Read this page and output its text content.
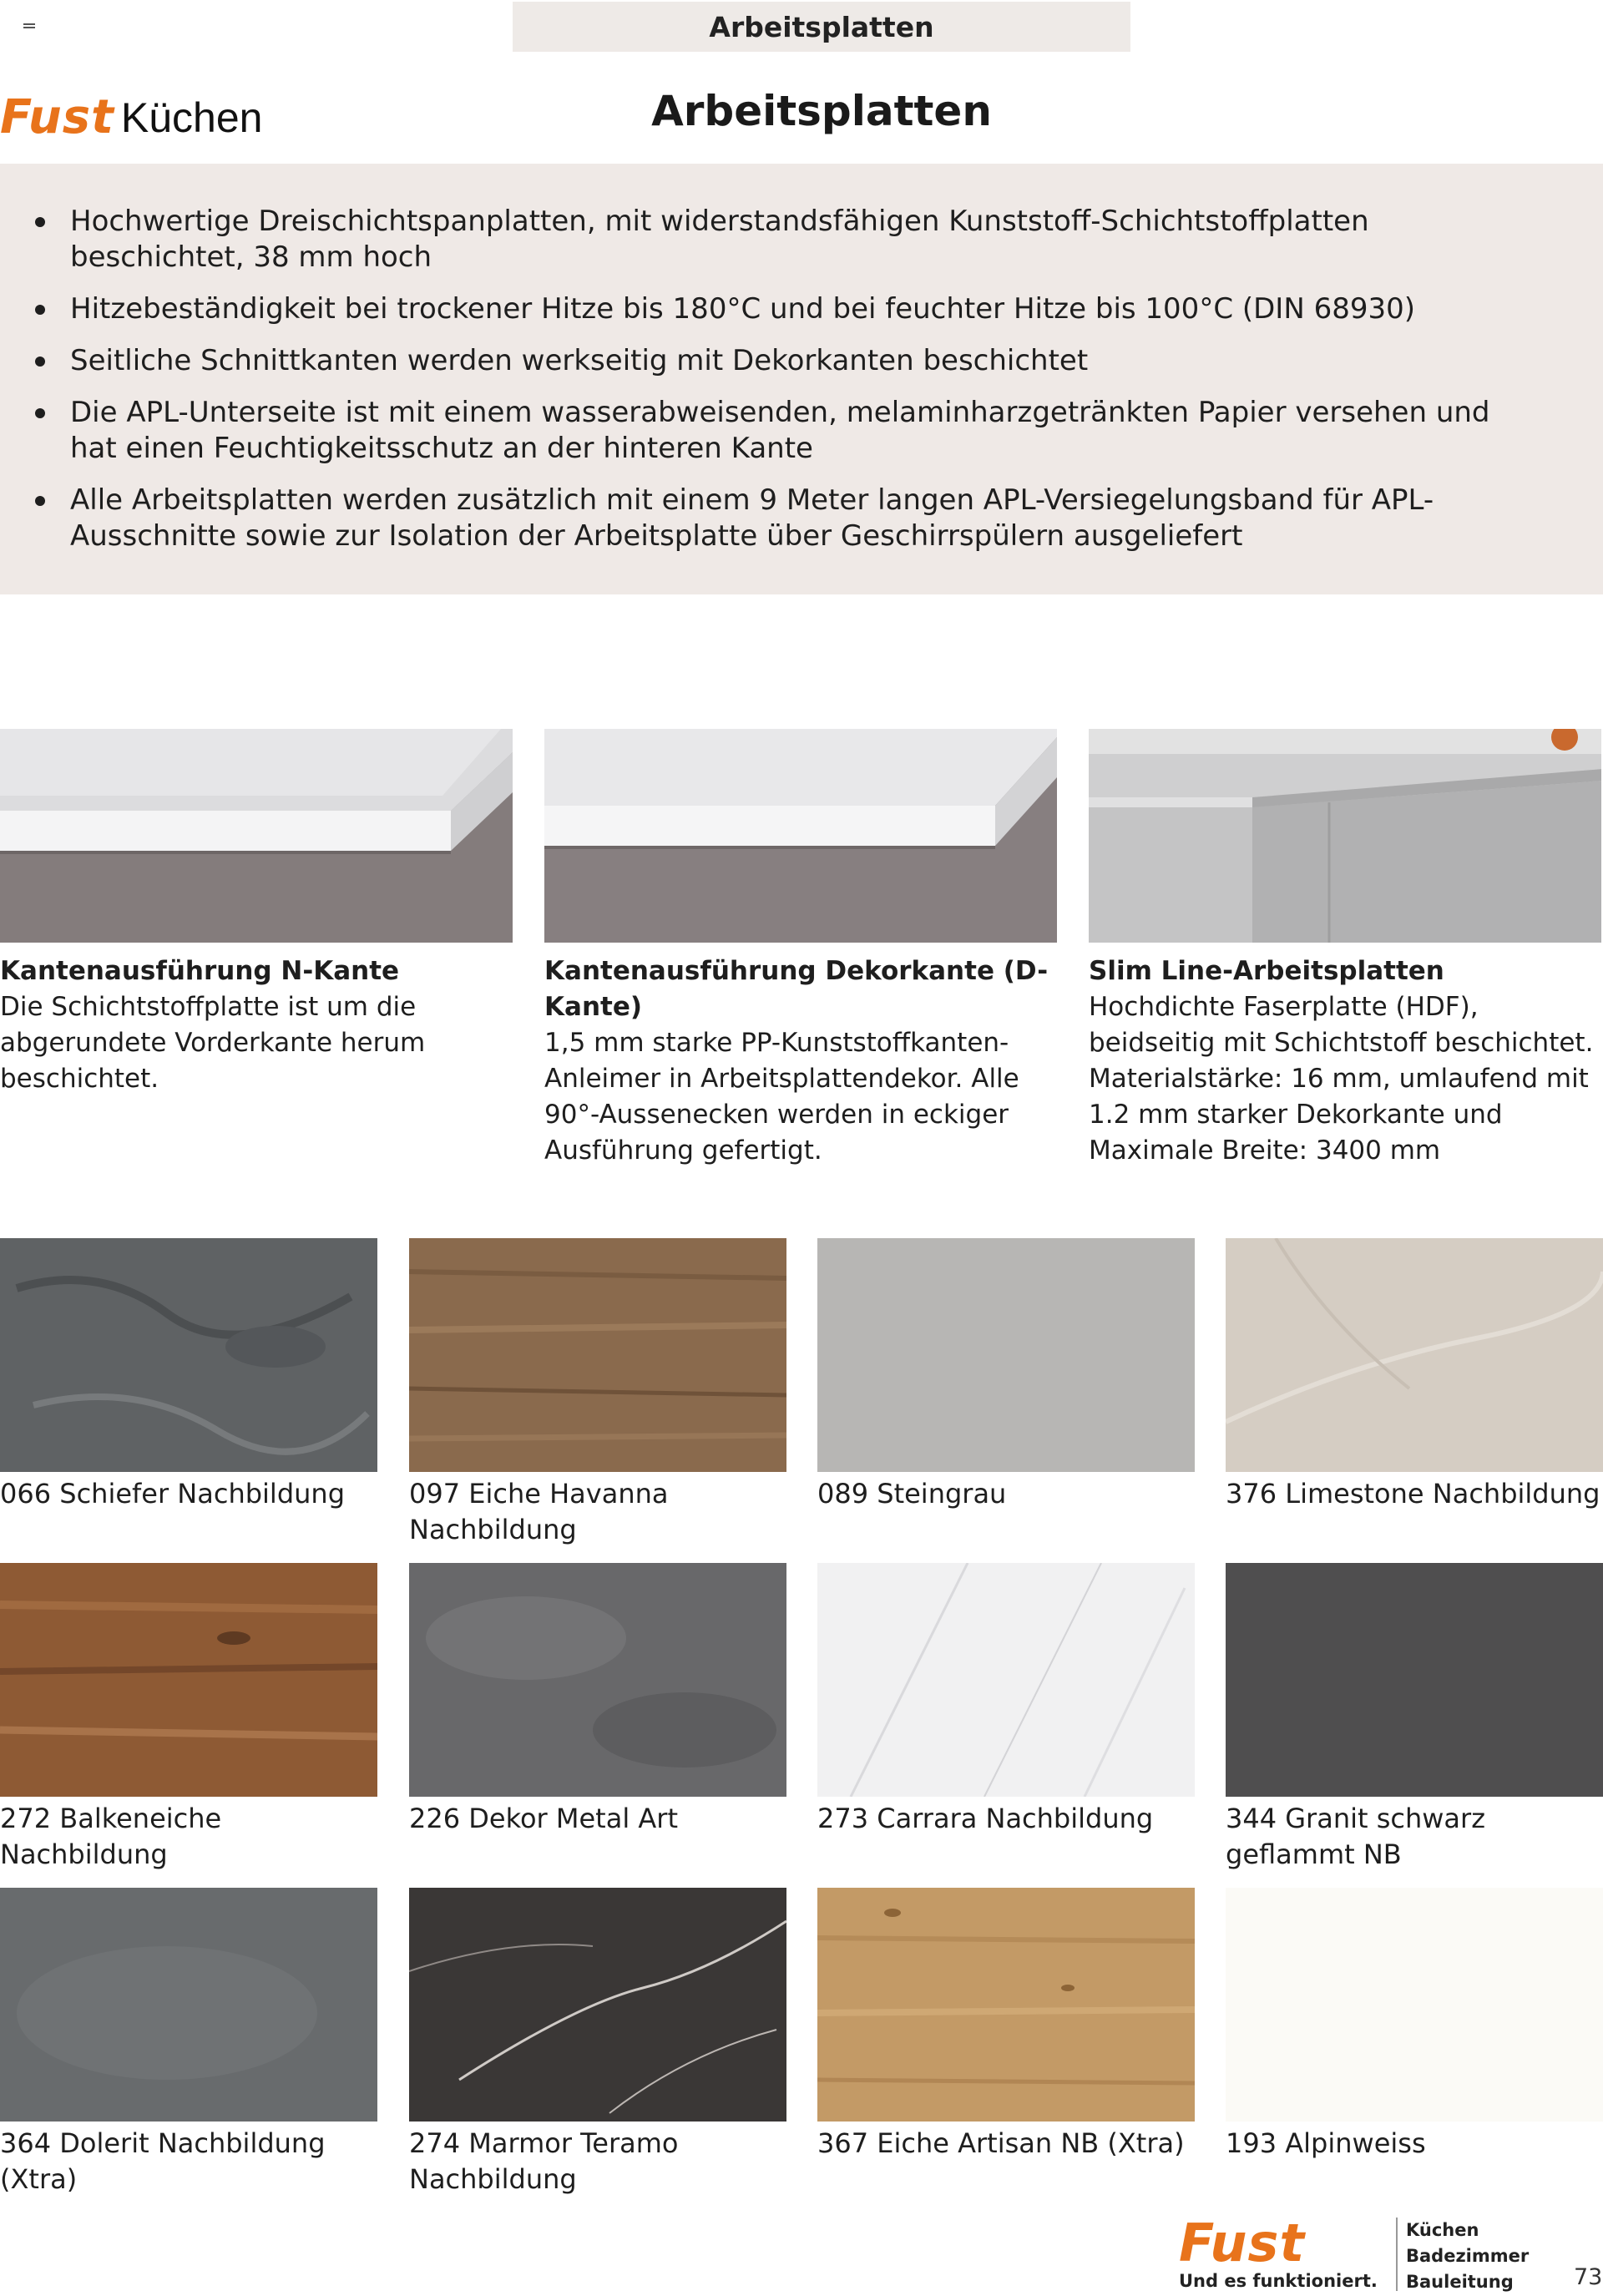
Arbeitsplatten
Fust Küchen	Arbeitsplatten
Hochwertige Dreischichtspanplatten, mit widerstandsfähigen Kunststoff-Schichtstoffplatten beschichtet, 38 mm hoch
Hitzebeständigkeit bei trockener Hitze bis 180°C und bei feuchter Hitze bis 100°C (DIN 68930)
Seitliche Schnittkanten werden werkseitig mit Dekorkanten beschichtet
Die APL-Unterseite ist mit einem wasserabweisenden, melaminharzgetränkten Papier versehen und hat einen Feuchtigkeitsschutz an der hinteren Kante
Alle Arbeitsplatten werden zusätzlich mit einem 9 Meter langen APL-Versiegelungsband für APL-Ausschnitte sowie zur Isolation der Arbeitsplatte über Geschirrspülern ausgeliefert
Kantenausführung N-Kante
Die Schichtstoffplatte ist um die abgerundete Vorderkante herum beschichtet.
Kantenausführung Dekorkante (D-Kante)
1,5 mm starke PP-Kunststoffkanten-Anleimer in Arbeitsplattendekor. Alle 90°-Aussenecken werden in eckiger Ausführung gefertigt.
Slim Line-Arbeitsplatten
Hochdichte Faserplatte (HDF), beidseitig mit Schichtstoff beschichtet. Materialstärke: 16 mm, umlaufend mit 1.2 mm starker Dekorkante und Maximale Breite: 3400 mm
066 Schiefer Nachbildung	097 Eiche Havanna Nachbildung
089 Steingrau	376 Limestone Nachbildung
272 Balkeneiche Nachbildung
226 Dekor Metal Art	273 Carrara Nachbildung	344 Granit schwarz geflammt NB
364 Dolerit Nachbildung (Xtra)
274 Marmor Teramo Nachbildung
367 Eiche Artisan NB (Xtra)	193 Alpinweiss
Fust
Und es funktioniert.
Küchen
Badezimmer
Bauleitung	73
